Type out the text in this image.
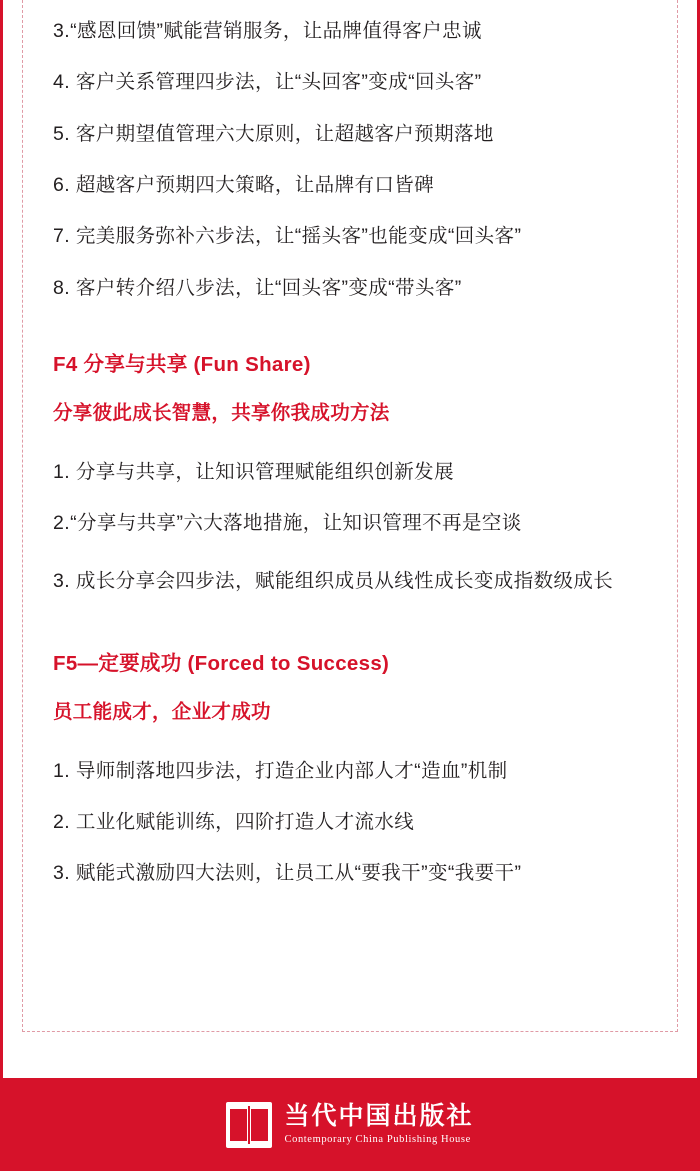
3.“感恩回馈”赋能营销服务，让品牌值得客户忠诚
4. 客户关系管理四步法，让“头回客”变成“回头客”
5. 客户期望值管理六大原则，让超越客户预期落地
6. 超越客户预期四大策略，让品牌有口皆碑
7. 完美服务弥补六步法，让“摇头客”也能变成“回头客”
8. 客户转介绍八步法，让“回头客”变成“带头客”
F4 分享与共享 (Fun Share)
分享彼此成长智慧，共享你我成功方法
1. 分享与共享，让知识管理赋能组织创新发展
2.“分享与共享”六大落地措施，让知识管理不再是空谈
3. 成长分享会四步法，赋能组织成员从线性成长变成指数级成长
F5—定要成功 (Forced to Success)
员工能成才，企业才成功
1. 导师制落地四步法，打造企业内部人才“造血”机制
2. 工业化赋能训练，四阶打造人才流水线
3. 赋能式激励四大法则，让员工从“要我干”变“我要干”
当代中国出版社
Contemporary China Publishing House
